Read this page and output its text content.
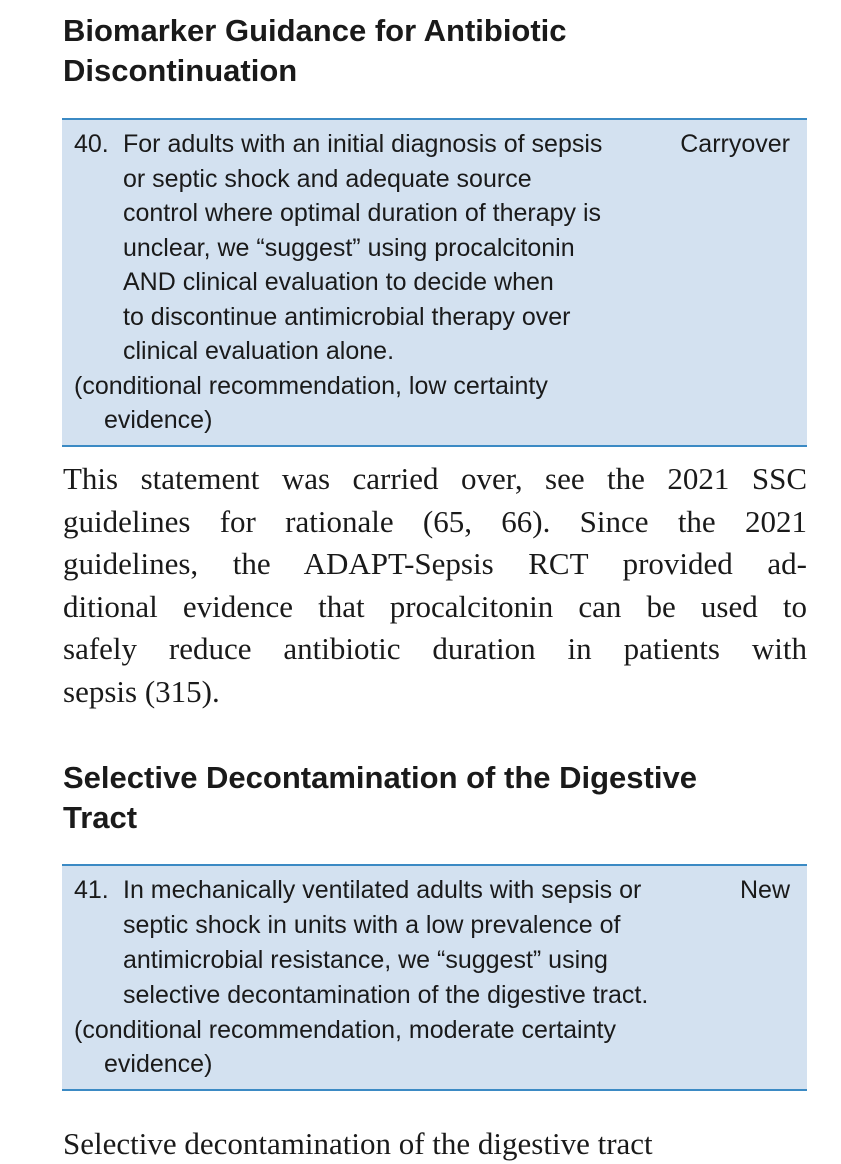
Biomarker Guidance for Antibiotic
Discontinuation
40.	Carryover
For adults with an initial diagnosis of sepsis
or septic shock and adequate source
control where optimal duration of therapy is
unclear, we “suggest” using procalcitonin
AND clinical evaluation to decide when
to discontinue antimicrobial therapy over
clinical evaluation alone.
(conditional recommendation, low certainty
evidence)
This statement was carried over, see the 2021 SSC
guidelines for rationale (65, 66). Since the 2021
guidelines, the ADAPT-Sepsis RCT provided ad-
ditional evidence that procalcitonin can be used to
safely reduce antibiotic duration in patients with
sepsis (315).
Selective Decontamination of the Digestive
Tract
41.	New
In mechanically ventilated adults with sepsis or
septic shock in units with a low prevalence of
antimicrobial resistance, we “suggest” using
selective decontamination of the digestive tract.
(conditional recommendation, moderate certainty
evidence)
Selective decontamination of the digestive tract
